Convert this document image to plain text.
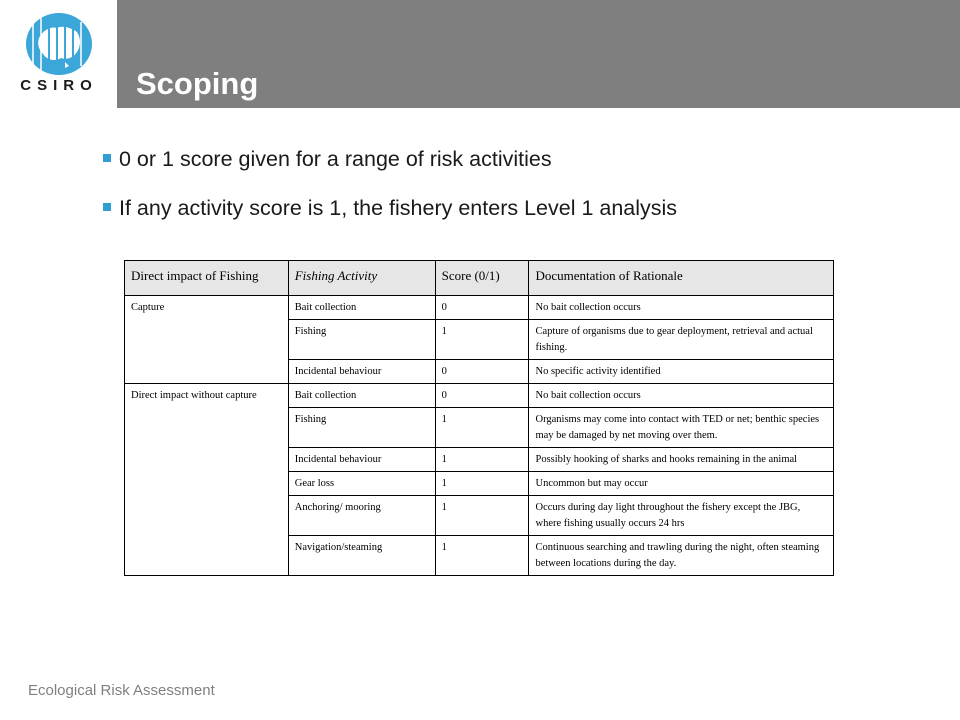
CSIRO Scoping
0 or 1 score given for a range of risk activities
If any activity score is 1, the fishery enters Level 1 analysis
Direct impact of Fishing	Fishing Activity	Score (0/1)	Documentation of Rationale
Capture	Bait collection	0	No bait collection occurs
	Fishing	1	Capture of organisms due to gear deployment, retrieval and actual fishing.
	Incidental behaviour	0	No specific activity identified
Direct impact without capture	Bait collection	0	No bait collection occurs
	Fishing	1	Organisms may come into contact with TED or net; benthic species may be damaged by net moving over them.
	Incidental behaviour	1	Possibly hooking of sharks and hooks remaining in the animal
	Gear loss	1	Uncommon but may occur
	Anchoring/ mooring	1	Occurs during day light throughout the fishery except the JBG, where fishing usually occurs 24 hrs
	Navigation/steaming	1	Continuous searching and trawling during the night, often steaming between locations during the day.
Ecological Risk Assessment
